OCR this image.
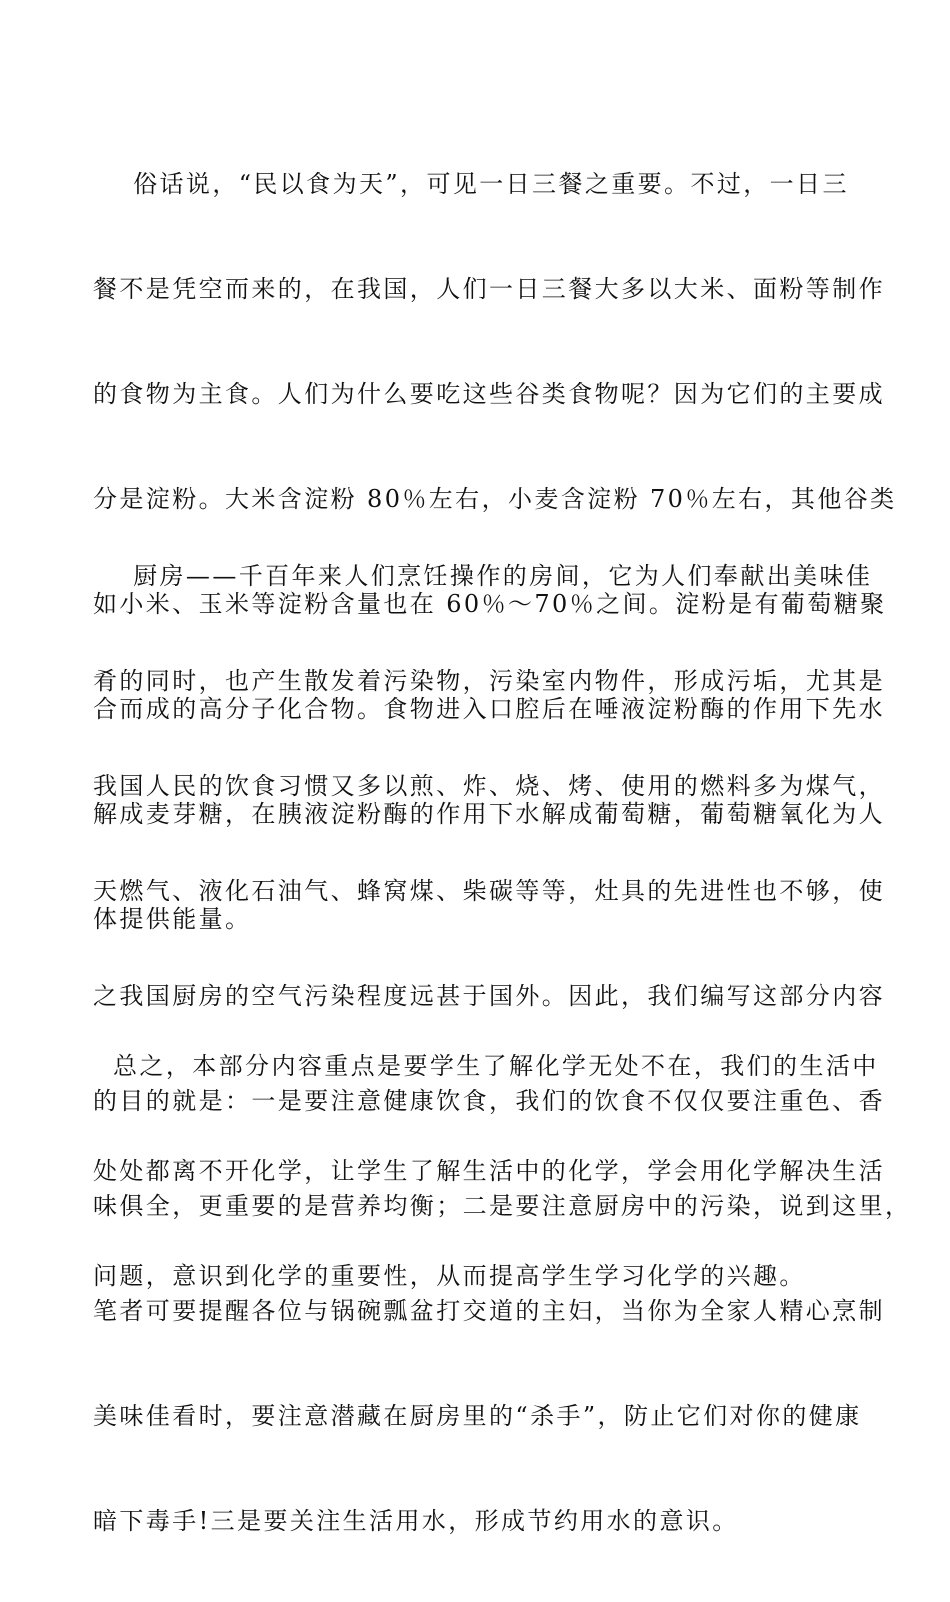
俗话说，“民以食为天”，可见一日三餐之重要。不过，一日三

餐不是凭空而来的，在我国，人们一日三餐大多以大米、面粉等制作

的食物为主食。人们为什么要吃这些谷类食物呢？因为它们的主要成

分是淀粉。大米含淀粉 80％左右，小麦含淀粉 70％左右，其他谷类

如小米、玉米等淀粉含量也在 60％～70％之间。淀粉是有葡萄糖聚

合而成的高分子化合物。食物进入口腔后在唾液淀粉酶的作用下先水

解成麦芽糖，在胰液淀粉酶的作用下水解成葡萄糖，葡萄糖氧化为人

体提供能量。

厨房——千百年来人们烹饪操作的房间，它为人们奉献出美味佳

肴的同时，也产生散发着污染物，污染室内物件，形成污垢，尤其是

我国人民的饮食习惯又多以煎、炸、烧、烤、使用的燃料多为煤气，

天燃气、液化石油气、蜂窝煤、柴碳等等，灶具的先进性也不够，使

之我国厨房的空气污染程度远甚于国外。因此，我们编写这部分内容

的目的就是：一是要注意健康饮食，我们的饮食不仅仅要注重色、香

味俱全，更重要的是营养均衡；二是要注意厨房中的污染，说到这里，

笔者可要提醒各位与锅碗瓢盆打交道的主妇，当你为全家人精心烹制

美味佳看时，要注意潜藏在厨房里的“杀手”，防止它们对你的健康

暗下毒手!三是要关注生活用水，形成节约用水的意识。

总之，本部分内容重点是要学生了解化学无处不在，我们的生活中

处处都离不开化学，让学生了解生活中的化学，学会用化学解决生活

问题，意识到化学的重要性，从而提高学生学习化学的兴趣。
